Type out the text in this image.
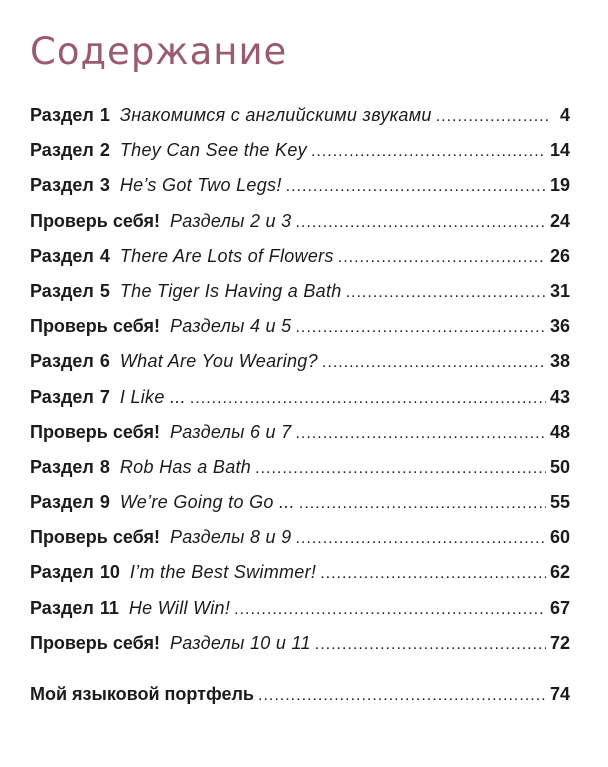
Содержание
Раздел 1 Знакомимся с английскими звуками .....	4
Раздел 2 They Can See the Key .....	14
Раздел 3 He’s Got Two Legs! .....	19
Проверь себя! Разделы 2 и 3 .....	24
Раздел 4 There Are Lots of Flowers .....	26
Раздел 5 The Tiger Is Having a Bath .....	31
Проверь себя! Разделы 4 и 5 .....	36
Раздел 6 What Are You Wearing? .....	38
Раздел 7 I Like ... .....	43
Проверь себя! Разделы 6 и 7 .....	48
Раздел 8 Rob Has a Bath .....	50
Раздел 9 We’re Going to Go ... .....	55
Проверь себя! Разделы 8 и 9 .....	60
Раздел 10 I’m the Best Swimmer! .....	62
Раздел 11 He Will Win! .....	67
Проверь себя! Разделы 10 и 11 .....	72
Мой языковой портфель .....	74
